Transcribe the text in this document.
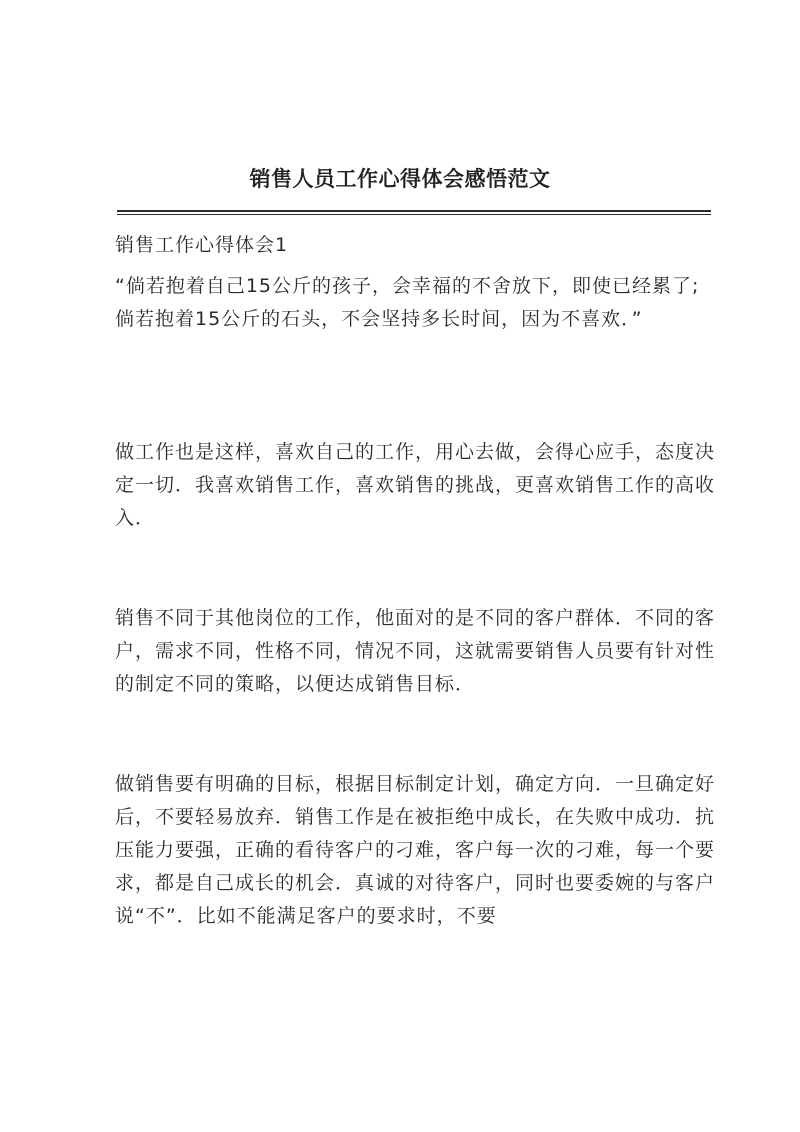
销售人员工作心得体会感悟范文
销售工作心得体会1

“倘若抱着自己15公斤的孩子，会幸福的不舍放下，即使已经累了;倘若抱着15公斤的石头，不会坚持多长时间，因为不喜欢．”

做工作也是这样，喜欢自己的工作，用心去做，会得心应手，态度决定一切．我喜欢销售工作，喜欢销售的挑战，更喜欢销售工作的高收入．

销售不同于其他岗位的工作，他面对的是不同的客户群体．不同的客户，需求不同，性格不同，情况不同，这就需要销售人员要有针对性的制定不同的策略，以便达成销售目标．

做销售要有明确的目标，根据目标制定计划，确定方向．一旦确定好后，不要轻易放弃．销售工作是在被拒绝中成长，在失败中成功．抗压能力要强，正确的看待客户的刁难，客户每一次的刁难，每一个要求，都是自己成长的机会．真诚的对待客户，同时也要委婉的与客户说“不”．比如不能满足客户的要求时，不要
